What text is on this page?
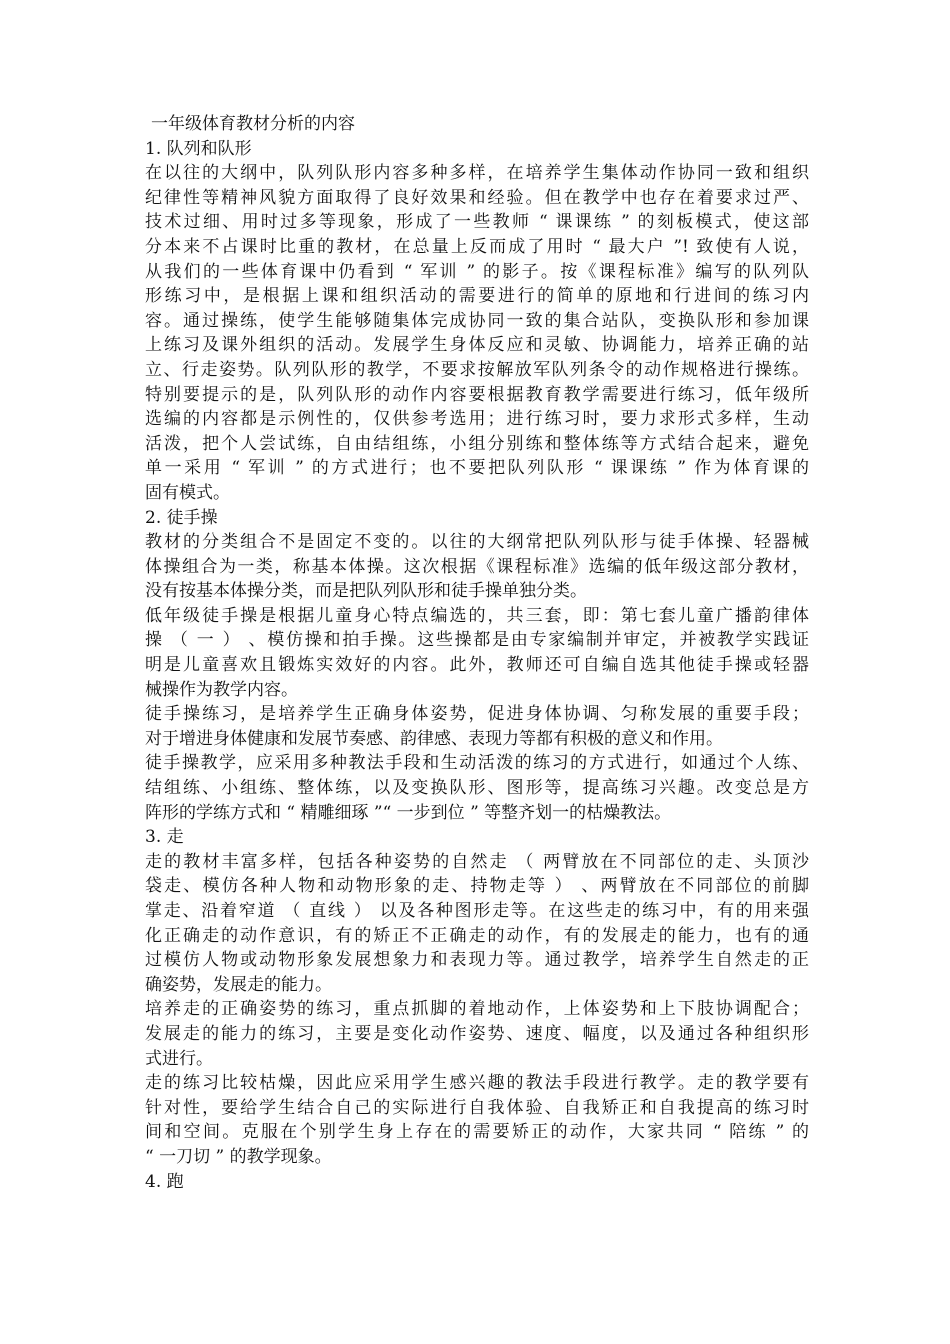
一年级体育教材分析的内容
1. 队列和队形
在以往的大纲中，队列队形内容多种多样，在培养学生集体动作协同一致和组织
纪律性等精神风貌方面取得了良好效果和经验。但在教学中也存在着要求过严、
技术过细、用时过多等现象，形成了一些教师 “ 课课练 ” 的刻板模式，使这部
分本来不占课时比重的教材，在总量上反而成了用时 “ 最大户 ”! 致使有人说，
从我们的一些体育课中仍看到 “ 军训 ” 的影子。按《课程标准》编写的队列队
形练习中，是根据上课和组织活动的需要进行的简单的原地和行进间的练习内
容。通过操练，使学生能够随集体完成协同一致的集合站队，变换队形和参加课
上练习及课外组织的活动。发展学生身体反应和灵敏、协调能力，培养正确的站
立、行走姿势。队列队形的教学，不要求按解放军队列条令的动作规格进行操练。
特别要提示的是，队列队形的动作内容要根据教育教学需要进行练习，低年级所
选编的内容都是示例性的，仅供参考选用；进行练习时，要力求形式多样，生动
活泼，把个人尝试练，自由结组练，小组分别练和整体练等方式结合起来，避免
单一采用 “ 军训 ” 的方式进行；也不要把队列队形 “ 课课练 ” 作为体育课的
固有模式。
2. 徒手操
教材的分类组合不是固定不变的。以往的大纲常把队列队形与徒手体操、轻器械
体操组合为一类，称基本体操。这次根据《课程标准》选编的低年级这部分教材，
没有按基本体操分类，而是把队列队形和徒手操单独分类。
低年级徒手操是根据儿童身心特点编选的，共三套，即：第七套儿童广播韵律体
操 （ 一 ） 、模仿操和拍手操。这些操都是由专家编制并审定，并被教学实践证
明是儿童喜欢且锻炼实效好的内容。此外，教师还可自编自选其他徒手操或轻器
械操作为教学内容。
徒手操练习，是培养学生正确身体姿势，促进身体协调、匀称发展的重要手段；
对于增进身体健康和发展节奏感、韵律感、表现力等都有积极的意义和作用。
徒手操教学，应采用多种教法手段和生动活泼的练习的方式进行，如通过个人练、
结组练、小组练、整体练，以及变换队形、图形等，提高练习兴趣。改变总是方
阵形的学练方式和 “ 精雕细琢 ”“ 一步到位 ” 等整齐划一的枯燥教法。
3. 走
走的教材丰富多样，包括各种姿势的自然走 （ 两臂放在不同部位的走、头顶沙
袋走、模仿各种人物和动物形象的走、持物走等 ） 、两臂放在不同部位的前脚
掌走、沿着窄道 （ 直线 ） 以及各种图形走等。在这些走的练习中，有的用来强
化正确走的动作意识，有的矫正不正确走的动作，有的发展走的能力，也有的通
过模仿人物或动物形象发展想象力和表现力等。通过教学，培养学生自然走的正
确姿势，发展走的能力。
培养走的正确姿势的练习，重点抓脚的着地动作，上体姿势和上下肢协调配合；
发展走的能力的练习，主要是变化动作姿势、速度、幅度，以及通过各种组织形
式进行。
走的练习比较枯燥，因此应采用学生感兴趣的教法手段进行教学。走的教学要有
针对性，要给学生结合自己的实际进行自我体验、自我矫正和自我提高的练习时
间和空间。克服在个别学生身上存在的需要矫正的动作，大家共同 “ 陪练 ” 的
“ 一刀切 ” 的教学现象。
4. 跑
